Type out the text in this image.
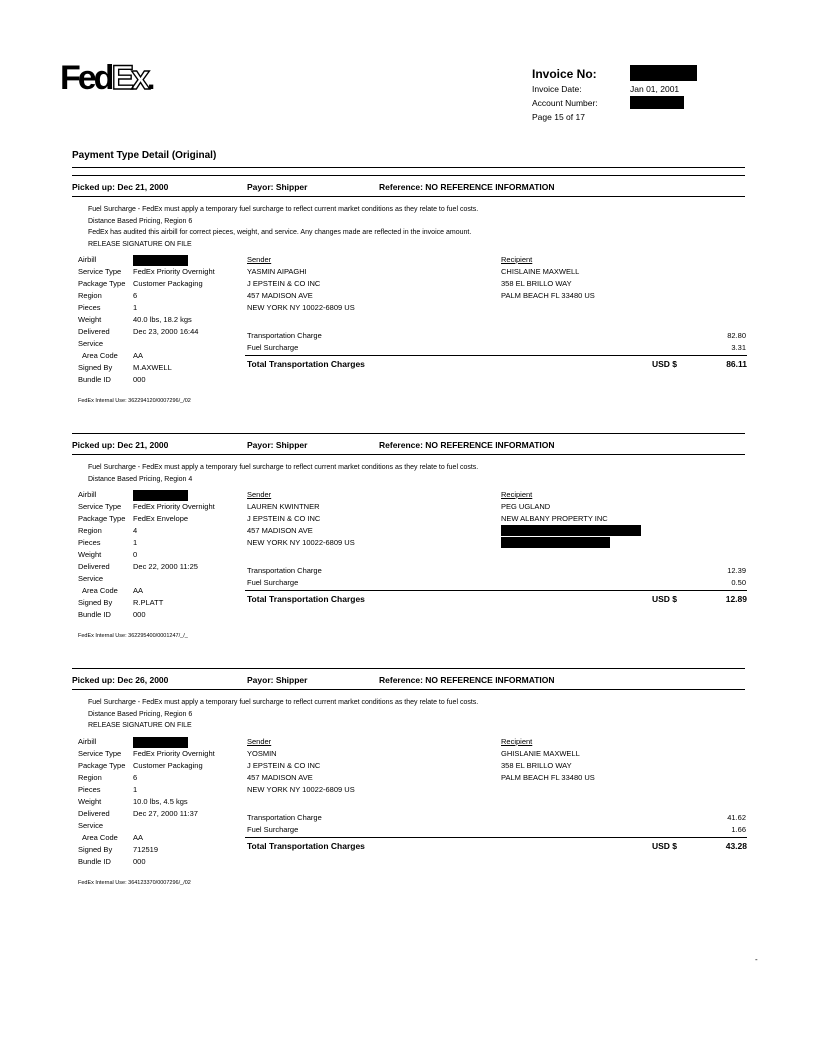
FedEx.	Invoice No:
Invoice Date:	Jan 01, 2001
Account Number:
Page 15 of 17
Payment Type Detail (Original)
Picked up: Dec 21, 2000	Payor: Shipper	Reference: NO REFERENCE INFORMATION
Fuel Surcharge - FedEx must apply a temporary fuel surcharge to reflect current market conditions as they relate to fuel costs.
Distance Based Pricing, Region 6
FedEx has audited this airbill for correct pieces, weight, and service. Any changes made are reflected in the invoice amount.
RELEASE SIGNATURE ON FILE
Airbill
Service Type FedEx Priority Overnight
Package Type Customer Packaging
Region	6
Pieces	1
Weight	40.0 lbs, 18.2 kgs
Delivered	Dec 23, 2000 16:44
Service
Area Code AA
Signed By	M.AXWELL
Bundle ID	000
Sender
YASMIN AIPAGHI
J EPSTEIN & CO INC
457 MADISON AVE
NEW YORK NY 10022-6809 US
Recipient
CHISLAINE MAXWELL
358 EL BRILLO WAY
PALM BEACH FL 33480 US
Transportation Charge	82.80
Fuel Surcharge	3.31
Total Transportation Charges	USD $	86.11
FedEx Internal Use: 362294120/0007296/_/02
Picked up: Dec 21, 2000	Payor: Shipper	Reference: NO REFERENCE INFORMATION
Fuel Surcharge - FedEx must apply a temporary fuel surcharge to reflect current market conditions as they relate to fuel costs.
Distance Based Pricing, Region 4
Airbill
Service Type FedEx Priority Overnight
Package Type FedEx Envelope
Region	4
Pieces	1
Weight	0
Delivered	Dec 22, 2000 11:25
Service
Area Code AA
Signed By	R.PLATT
Bundle ID	000
Sender
LAUREN KWINTNER
J EPSTEIN & CO INC
457 MADISON AVE
NEW YORK NY 10022-6809 US
Recipient
PEG UGLAND
NEW ALBANY PROPERTY INC
Transportation Charge	12.39
Fuel Surcharge	0.50
Total Transportation Charges	USD $	12.89
FedEx Internal Use: 362295400/0001247/_/_
Picked up: Dec 26, 2000	Payor: Shipper	Reference: NO REFERENCE INFORMATION
Fuel Surcharge - FedEx must apply a temporary fuel surcharge to reflect current market conditions as they relate to fuel costs.
Distance Based Pricing, Region 6
RELEASE SIGNATURE ON FILE
Airbill
Service Type FedEx Priority Overnight
Package Type Customer Packaging
Region	6
Pieces	1
Weight	10.0 lbs, 4.5 kgs
Delivered	Dec 27, 2000 11:37
Service
Area Code AA
Signed By	712519
Bundle ID	000
Sender
YOSMIN
J EPSTEIN & CO INC
457 MADISON AVE
NEW YORK NY 10022-6809 US
Recipient
GHISLANIE MAXWELL
358 EL BRILLO WAY
PALM BEACH FL 33480 US
Transportation Charge	41.62
Fuel Surcharge	1.66
Total Transportation Charges	USD $	43.28
FedEx Internal Use: 364123370/0007296/_/02
-
